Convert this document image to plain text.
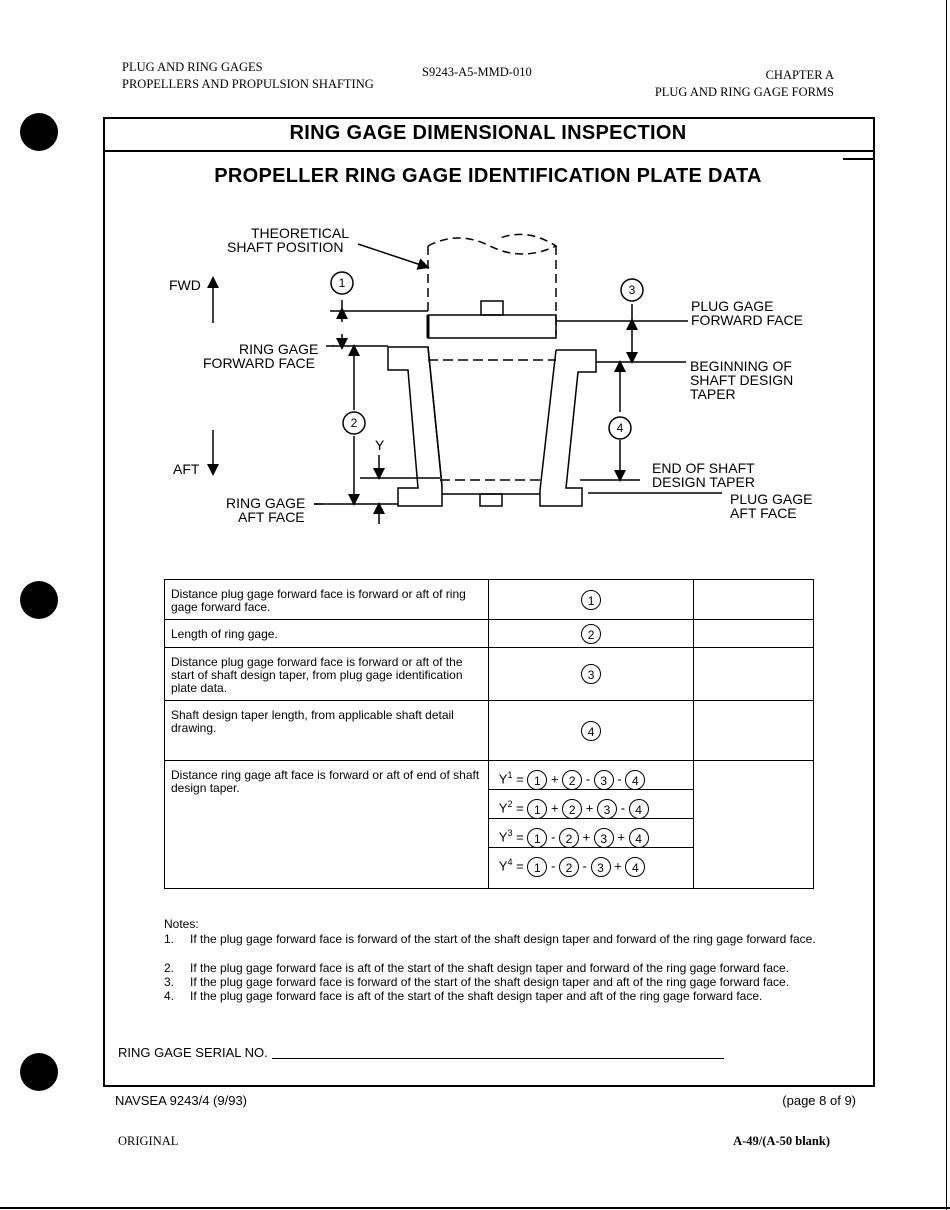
PLUG AND RING GAGES
PROPELLERS AND PROPULSION SHAFTING
S9243-A5-MMD-010	CHAPTER A
PLUG AND RING GAGE FORMS
RING GAGE DIMENSIONAL INSPECTION
PROPELLER RING GAGE IDENTIFICATION PLATE DATA
1
2
3
4
THEORETICAL
SHAFT POSITION
FWD
AFT
RING GAGE
FORWARD FACE
RING GAGE
AFT FACE
Y
PLUG GAGE
FORWARD FACE
BEGINNING OF
SHAFT DESIGN
TAPER
END OF SHAFT
DESIGN TAPER
PLUG GAGE
AFT FACE
Distance plug gage forward face is forward or aft of ring gage forward face.	1	
Length of ring gage.	2	
Distance plug gage forward face is forward or aft of the start of shaft design taper, from plug gage identification plate data.	3	
Shaft design taper length, from applicable shaft detail drawing.	4	
Distance ring gage aft face is forward or aft of end of shaft design taper.	$Y^1 = 1 + 2 - 3 - 4$
$Y^2 = 1 + 2 + 3 - 4$
$Y^3 = 1 - 2 + 3 + 4$
$Y^4 = 1 - 2 - 3 + 4$	

Notes:
1. If the plug gage forward face is forward of the start of the shaft design taper and forward of the ring gage forward face.
2. If the plug gage forward face is aft of the start of the shaft design taper and forward of the ring gage forward face.
3. If the plug gage forward face is forward of the start of the shaft design taper and aft of the ring gage forward face.
4. If the plug gage forward face is aft of the start of the shaft design taper and aft of the ring gage forward face.
RING GAGE SERIAL NO.
NAVSEA 9243/4 (9/93)	(page 8 of 9)
ORIGINAL	A-49/(A-50 blank)
